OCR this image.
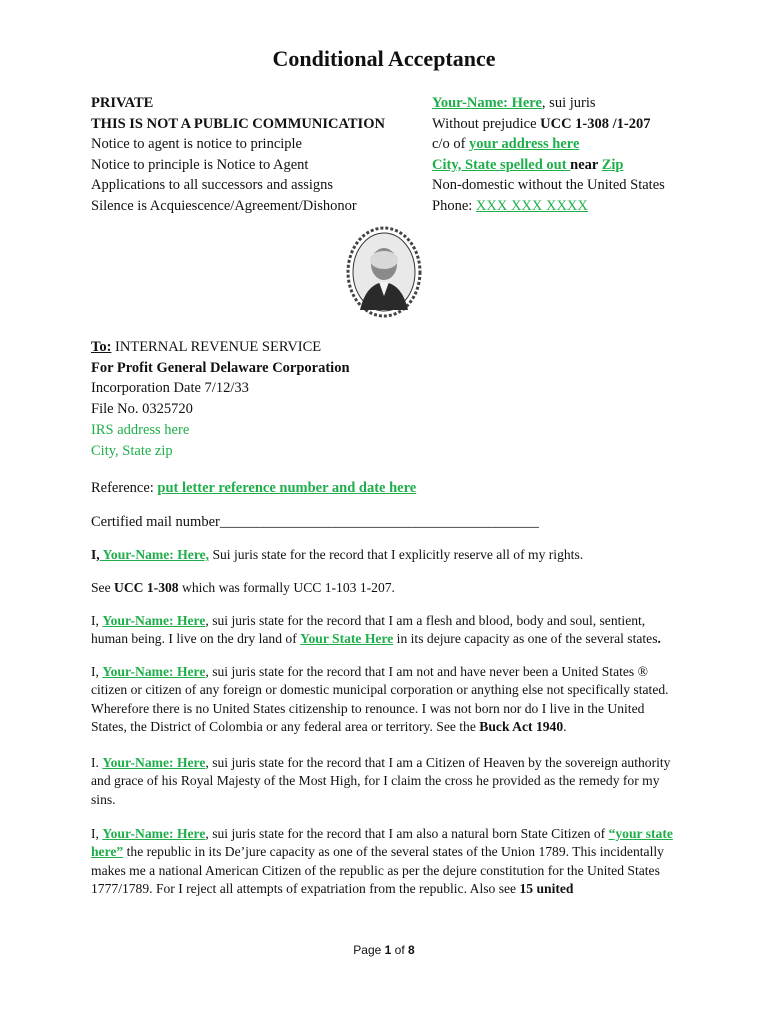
Conditional Acceptance
PRIVATE
THIS IS NOT A PUBLIC COMMUNICATION
Notice to agent is notice to principle
Notice to principle is Notice to Agent
Applications to all successors and assigns
Silence is Acquiescence/Agreement/Dishonor
Your-Name: Here, sui juris
Without prejudice UCC 1-308 /1-207
c/o of your address here
City, State spelled out near Zip
Non-domestic without the United States
Phone: XXX XXX XXXX
To: INTERNAL REVENUE SERVICE
For Profit General Delaware Corporation
Incorporation Date 7/12/33
File No. 0325720
IRS address here
City, State zip
Reference: put letter reference number and date here
Certified mail number____________________________________________
I, Your-Name: Here, Sui juris state for the record that I explicitly reserve all of my rights.
See UCC 1-308 which was formally UCC 1-103 1-207.
I, Your-Name: Here, sui juris state for the record that I am a flesh and blood, body and soul, sentient, human being. I live on the dry land of Your State Here in its dejure capacity as one of the several states.
I, Your-Name: Here, sui juris state for the record that I am not and have never been a United States ® citizen or citizen of any foreign or domestic municipal corporation or anything else not specifically stated. Wherefore there is no United States citizenship to renounce. I was not born nor do I live in the United States, the District of Colombia or any federal area or territory. See the Buck Act 1940.
I. Your-Name: Here, sui juris state for the record that I am a Citizen of Heaven by the sovereign authority and grace of his Royal Majesty of the Most High, for I claim the cross he provided as the remedy for my sins.
I, Your-Name: Here, sui juris state for the record that I am also a natural born State Citizen of “your state here” the republic in its De’jure capacity as one of the several states of the Union 1789. This incidentally makes me a national American Citizen of the republic as per the dejure constitution for the United States 1777/1789. For I reject all attempts of expatriation from the republic. Also see 15 united
Page 1 of 8
